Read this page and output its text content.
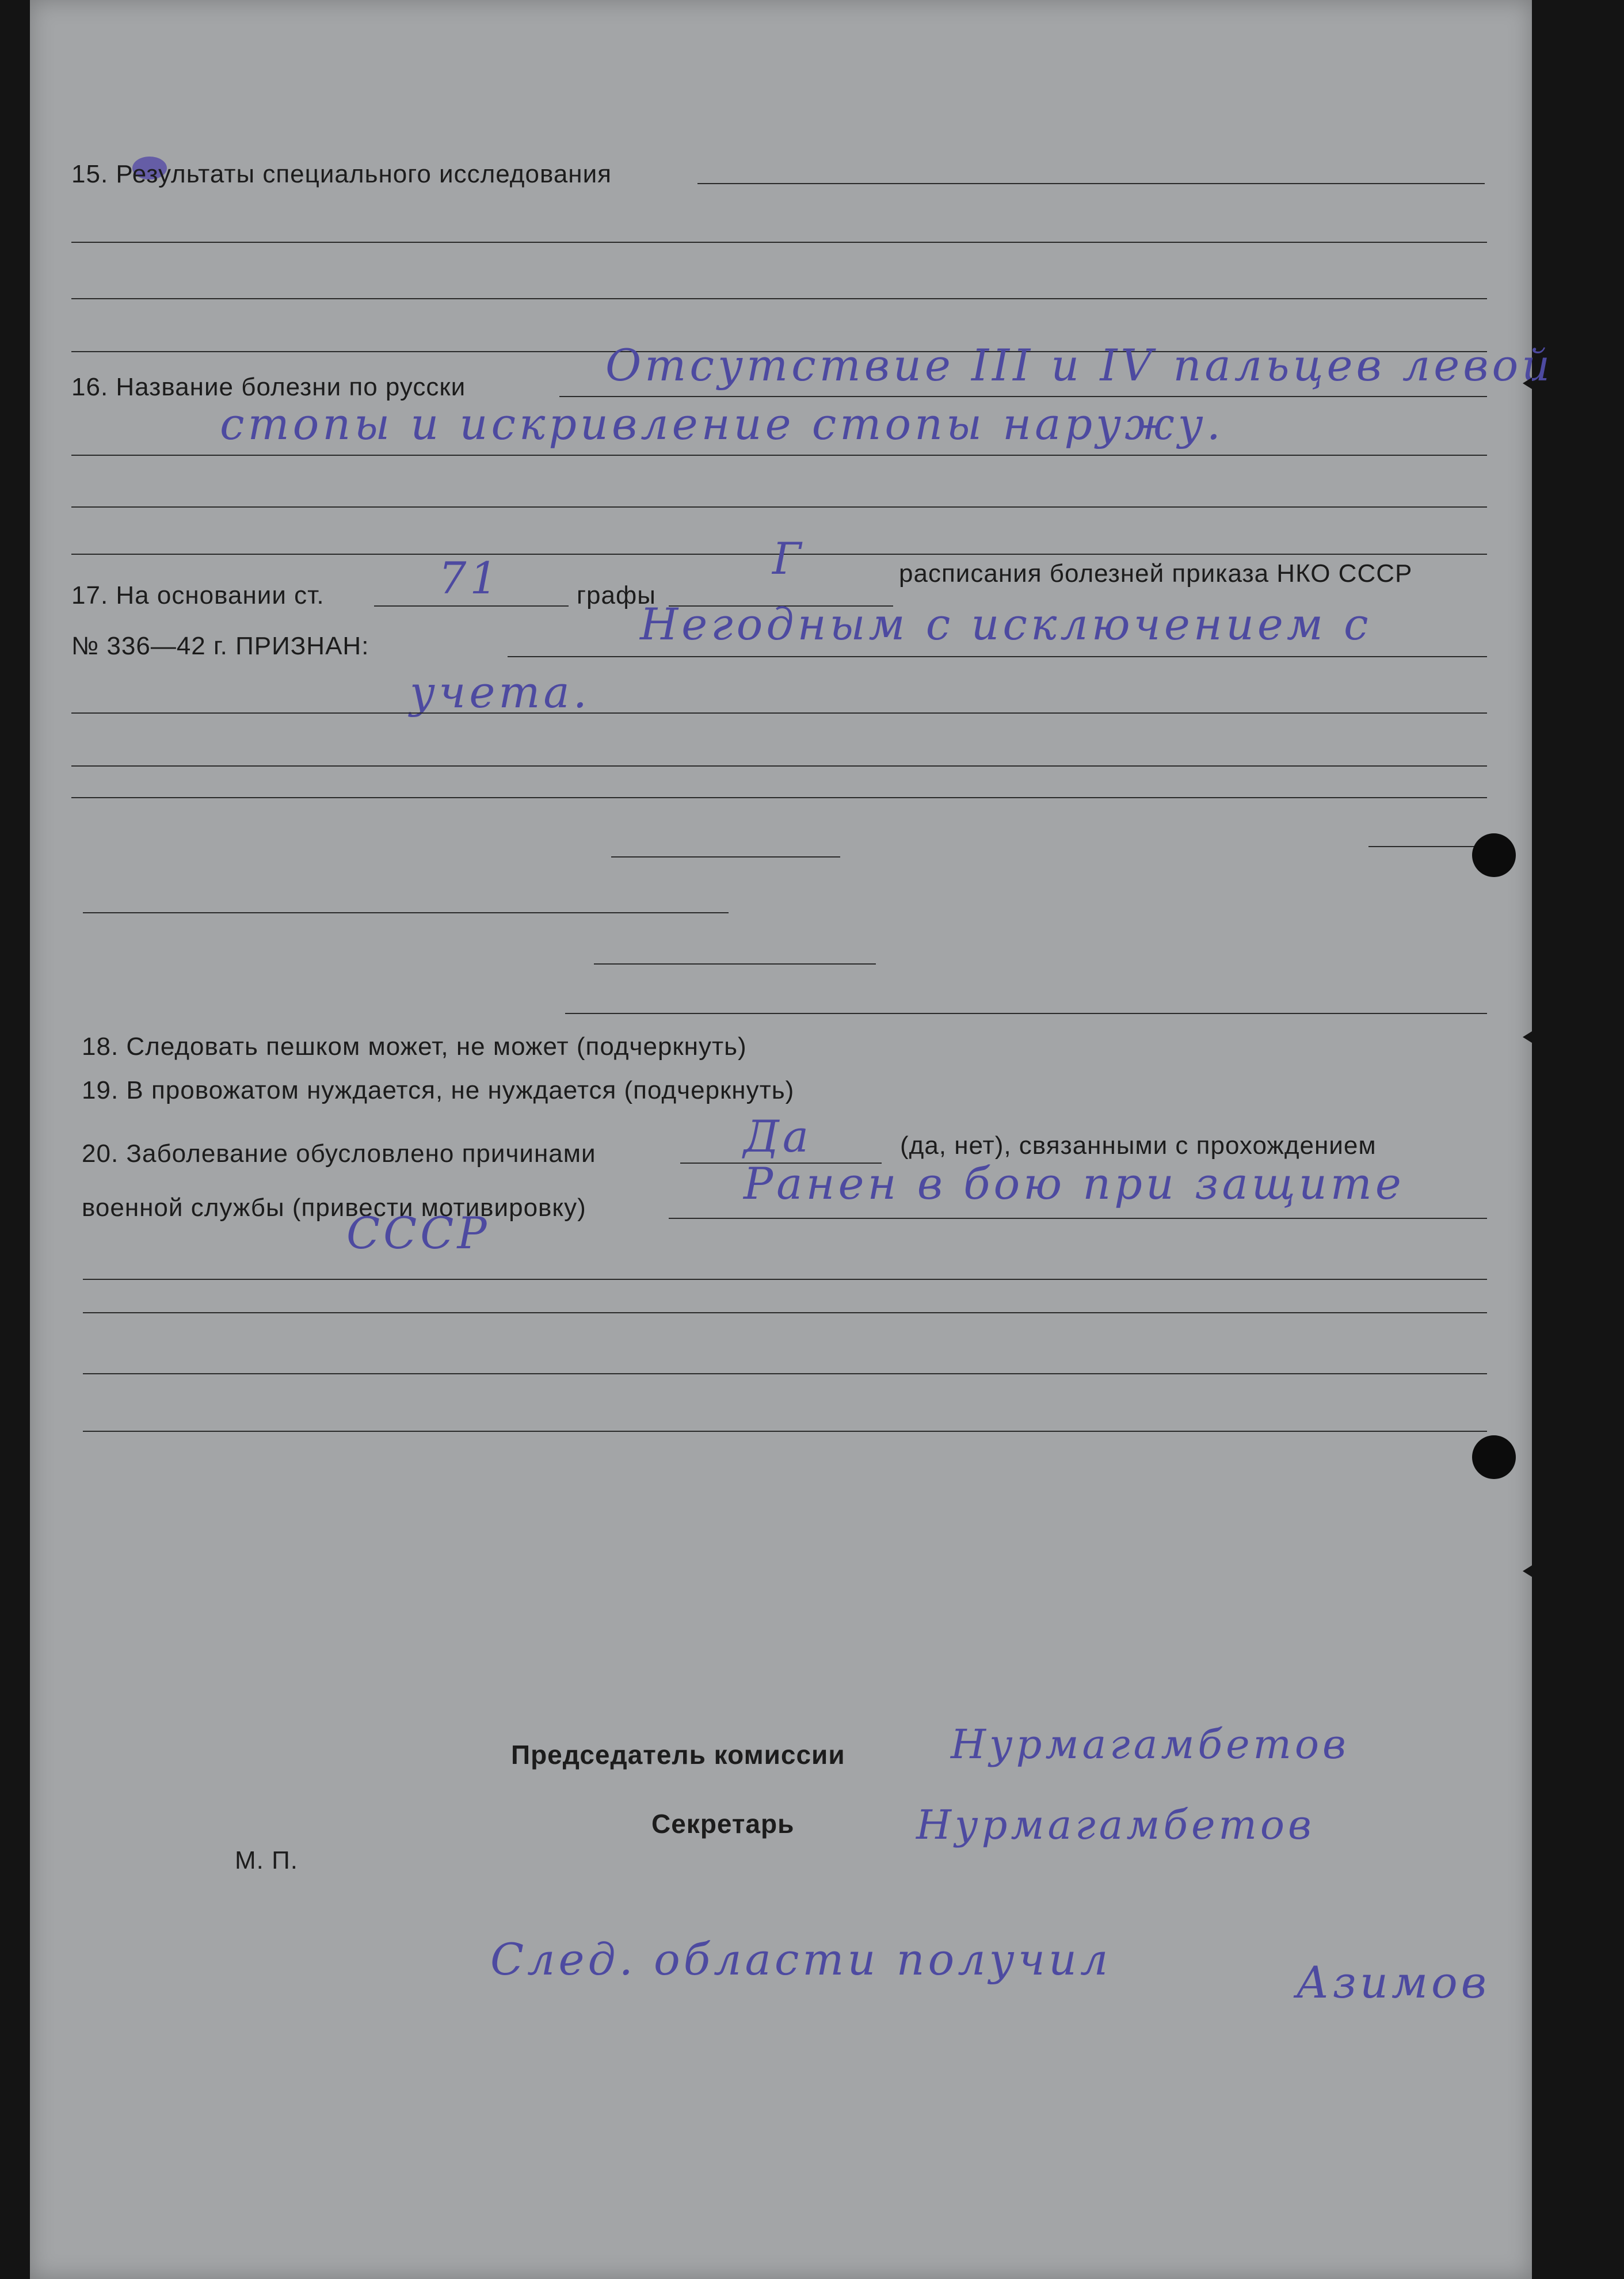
15. Результаты специального исследования
16. Название болезни по русски	Отсутствие III и IV пальцев левой
стопы и искривление стопы наружу.
17. На основании ст.	71	графы
Г	расписания болезней приказа НКО СССР
№ 336—42 г. ПРИЗНАН:	Негодным с исключением с
учета.
18. Следовать пешком может, не может (подчеркнуть)
19. В провожатом нуждается, не нуждается (подчеркнуть)
20. Заболевание обусловлено причинами	Да	(да, нет), связанными с прохождением
военной службы (привести мотивировку)	Ранен в бою при защите
СССР
Председатель комиссии	Нурмагамбетов
Секретарь	Нурмагамбетов
М. П.
След. области получил	Азимов
